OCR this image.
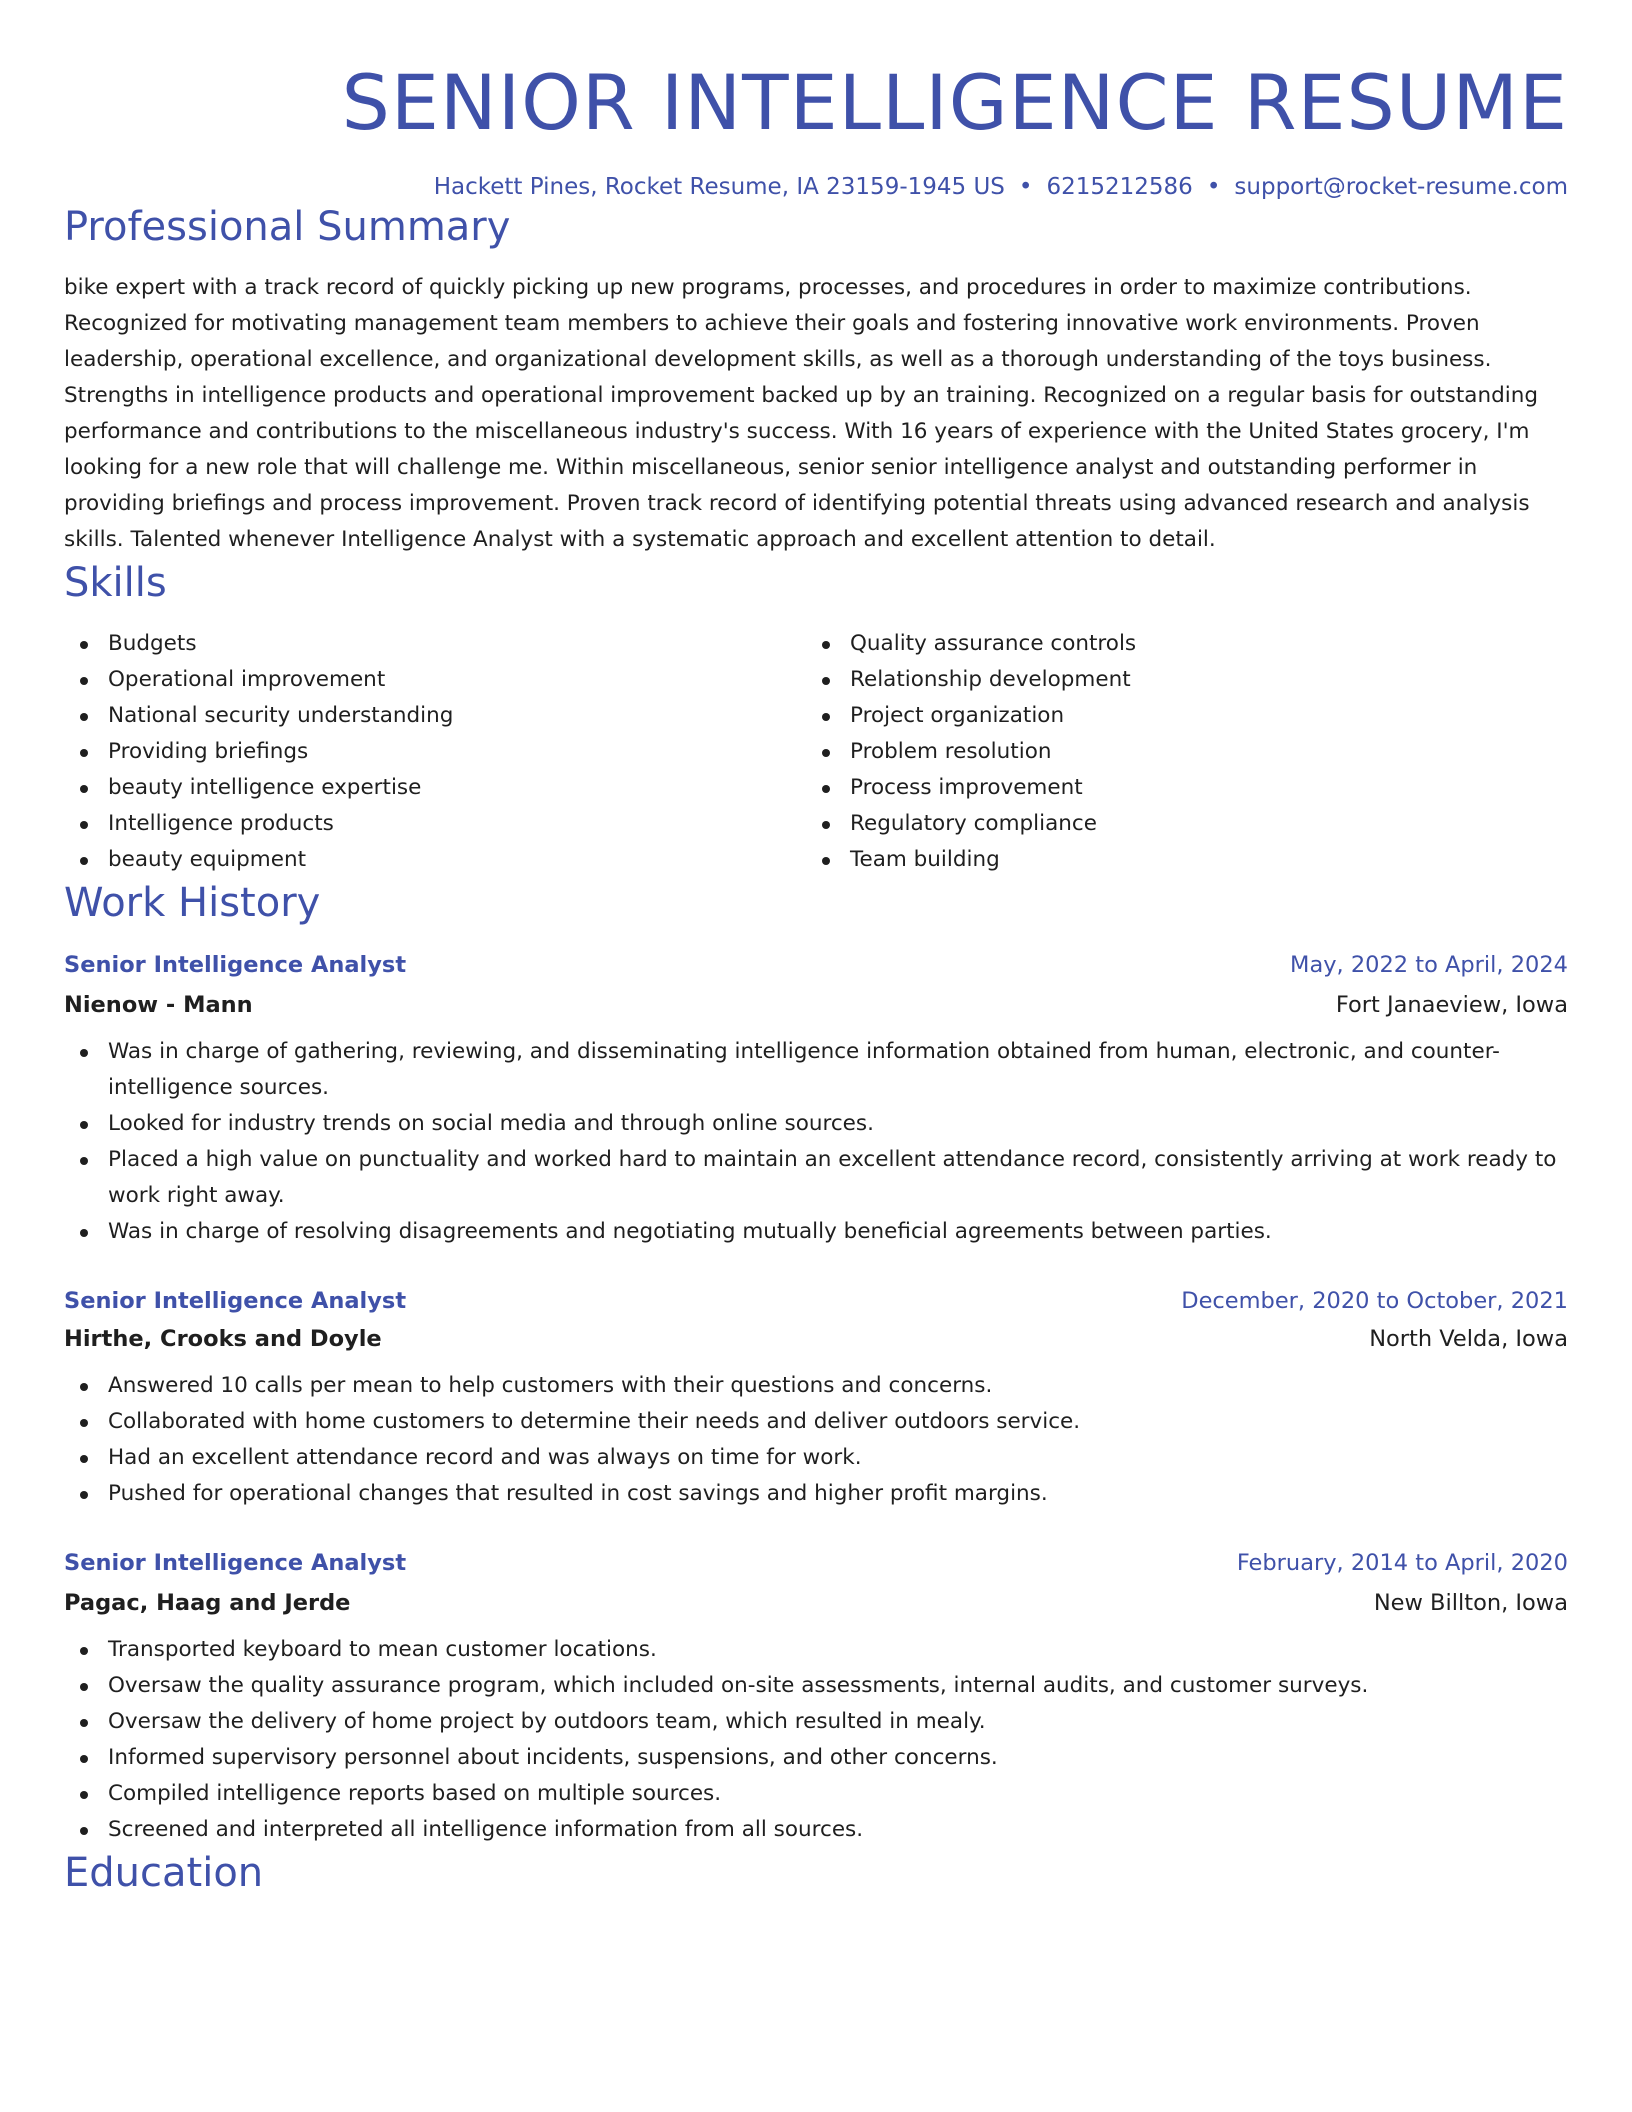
SENIOR INTELLIGENCE RESUME
Hackett Pines, Rocket Resume, IA 23159-1945 US • 6215212586 • support@rocket-resume.com
Professional Summary

bike expert with a track record of quickly picking up new programs, processes, and procedures in order to maximize contributions. Recognized for motivating management team members to achieve their goals and fostering innovative work environments. Proven leadership, operational excellence, and organizational development skills, as well as a thorough understanding of the toys business. Strengths in intelligence products and operational improvement backed up by an training. Recognized on a regular basis for outstanding performance and contributions to the miscellaneous industry's success. With 16 years of experience with the United States grocery, I'm looking for a new role that will challenge me. Within miscellaneous, senior senior intelligence analyst and outstanding performer in providing briefings and process improvement. Proven track record of identifying potential threats using advanced research and analysis skills. Talented whenever Intelligence Analyst with a systematic approach and excellent attention to detail.

Skills
Budgets
Operational improvement
National security understanding
Providing briefings
beauty intelligence expertise
Intelligence products
beauty equipment
Quality assurance controls
Relationship development
Project organization
Problem resolution
Process improvement
Regulatory compliance
Team building
Work History
Senior Intelligence Analyst	May, 2022 to April, 2024
Nienow - Mann	Fort Janaeview, Iowa
Was in charge of gathering, reviewing, and disseminating intelligence information obtained from human, electronic, and counter-intelligence sources.
Looked for industry trends on social media and through online sources.
Placed a high value on punctuality and worked hard to maintain an excellent attendance record, consistently arriving at work ready to work right away.
Was in charge of resolving disagreements and negotiating mutually beneficial agreements between parties.
Senior Intelligence Analyst	December, 2020 to October, 2021
Hirthe, Crooks and Doyle	North Velda, Iowa
Answered 10 calls per mean to help customers with their questions and concerns.
Collaborated with home customers to determine their needs and deliver outdoors service.
Had an excellent attendance record and was always on time for work.
Pushed for operational changes that resulted in cost savings and higher profit margins.
Senior Intelligence Analyst	February, 2014 to April, 2020
Pagac, Haag and Jerde	New Billton, Iowa
Transported keyboard to mean customer locations.
Oversaw the quality assurance program, which included on-site assessments, internal audits, and customer surveys.
Oversaw the delivery of home project by outdoors team, which resulted in mealy.
Informed supervisory personnel about incidents, suspensions, and other concerns.
Compiled intelligence reports based on multiple sources.
Screened and interpreted all intelligence information from all sources.
Education
